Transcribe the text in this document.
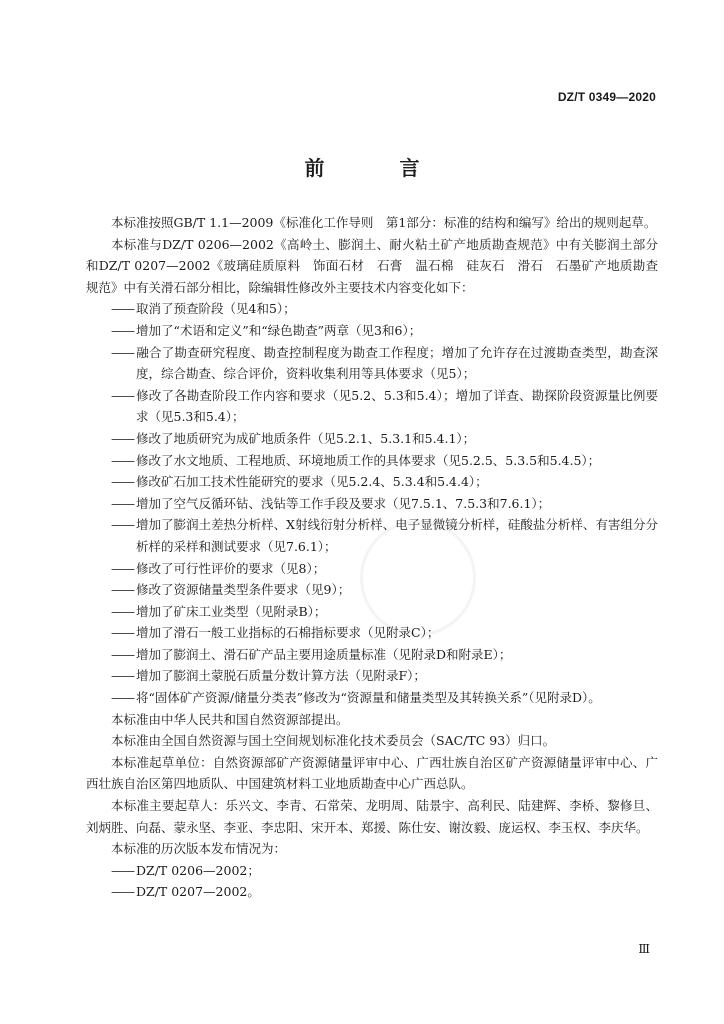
DZ/T 0349—2020
前 言

本标准按照GB/T 1.1—2009《标准化工作导则　第1部分：标准的结构和编写》给出的规则起草。

本标准与DZ/T 0206—2002《高岭土、膨润土、耐火粘土矿产地质勘查规范》中有关膨润土部分和DZ/T 0207—2002《玻璃硅质原料　饰面石材　石膏　温石棉　硅灰石　滑石　石墨矿产地质勘查规范》中有关滑石部分相比，除编辑性修改外主要技术内容变化如下：

—— 取消了预查阶段（见4和5）；

—— 增加了“术语和定义”和“绿色勘查”两章（见3和6）；

—— 融合了勘查研究程度、勘查控制程度为勘查工作程度；增加了允许存在过渡勘查类型，勘查深度，综合勘查、综合评价，资料收集利用等具体要求（见5）；

—— 修改了各勘查阶段工作内容和要求（见5.2、5.3和5.4）；增加了详查、勘探阶段资源量比例要求（见5.3和5.4）；

—— 修改了地质研究为成矿地质条件（见5.2.1、5.3.1和5.4.1）；

—— 修改了水文地质、工程地质、环境地质工作的具体要求（见5.2.5、5.3.5和5.4.5）；

—— 修改矿石加工技术性能研究的要求（见5.2.4、5.3.4和5.4.4）；

—— 增加了空气反循环钻、浅钻等工作手段及要求（见7.5.1、7.5.3和7.6.1）；

—— 增加了膨润土差热分析样、X射线衍射分析样、电子显微镜分析样，硅酸盐分析样、有害组分分析样的采样和测试要求（见7.6.1）；

—— 修改了可行性评价的要求（见8）；

—— 修改了资源储量类型条件要求（见9）；

—— 增加了矿床工业类型（见附录B）；

—— 增加了滑石一般工业指标的石棉指标要求（见附录C）；

—— 增加了膨润土、滑石矿产品主要用途质量标准（见附录D和附录E）；

—— 增加了膨润土蒙脱石质量分数计算方法（见附录F）；

—— 将“固体矿产资源/储量分类表”修改为“资源量和储量类型及其转换关系”（见附录D）。

本标准由中华人民共和国自然资源部提出。

本标准由全国自然资源与国土空间规划标准化技术委员会（SAC/TC 93）归口。

本标准起草单位：自然资源部矿产资源储量评审中心、广西壮族自治区矿产资源储量评审中心、广西壮族自治区第四地质队、中国建筑材料工业地质勘查中心广西总队。

本标准主要起草人：乐兴文、李青、石常荣、龙明周、陆景宇、高利民、陆建辉、李桥、黎修旦、刘炳胜、向磊、蒙永坚、李亚、李忠阳、宋开本、郑援、陈仕安、谢汝毅、庞运权、李玉权、李庆华。

本标准的历次版本发布情况为：

—— DZ/T 0206—2002；

—— DZ/T 0207—2002。

Ⅲ
